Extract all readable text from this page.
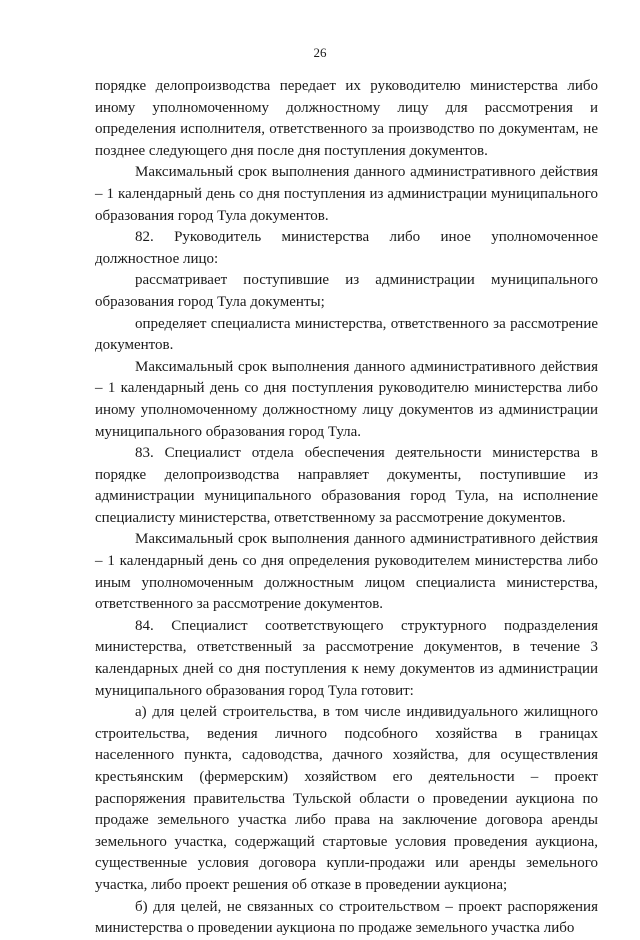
26

порядке делопроизводства передает их руководителю министерства либо иному уполномоченному должностному лицу для рассмотрения и определения исполнителя, ответственного за производство по документам, не позднее следующего дня после дня поступления документов.

Максимальный срок выполнения данного административного действия – 1 календарный день со дня поступления из администрации муниципального образования город Тула документов.

82. Руководитель министерства либо иное уполномоченное должностное лицо:

рассматривает поступившие из администрации муниципального образования город Тула документы;

определяет специалиста министерства, ответственного за рассмотрение документов.

Максимальный срок выполнения данного административного действия – 1 календарный день со дня поступления руководителю министерства либо иному уполномоченному должностному лицу документов из администрации муниципального образования город Тула.

83. Специалист отдела обеспечения деятельности министерства в порядке делопроизводства направляет документы, поступившие из администрации муниципального образования город Тула, на исполнение специалисту министерства, ответственному за рассмотрение документов.

Максимальный срок выполнения данного административного действия – 1 календарный день со дня определения руководителем министерства либо иным уполномоченным должностным лицом специалиста министерства, ответственного за рассмотрение документов.

84. Специалист соответствующего структурного подразделения министерства, ответственный за рассмотрение документов, в течение 3 календарных дней со дня поступления к нему документов из администрации муниципального образования город Тула готовит:

а) для целей строительства, в том числе индивидуального жилищного строительства, ведения личного подсобного хозяйства в границах населенного пункта, садоводства, дачного хозяйства, для осуществления крестьянским (фермерским) хозяйством его деятельности – проект распоряжения правительства Тульской области о проведении аукциона по продаже земельного участка либо права на заключение договора аренды земельного участка, содержащий стартовые условия проведения аукциона, существенные условия договора купли-продажи или аренды земельного участка, либо проект решения об отказе в проведении аукциона;

б) для целей, не связанных со строительством – проект распоряжения министерства о проведении аукциона по продаже земельного участка либо
